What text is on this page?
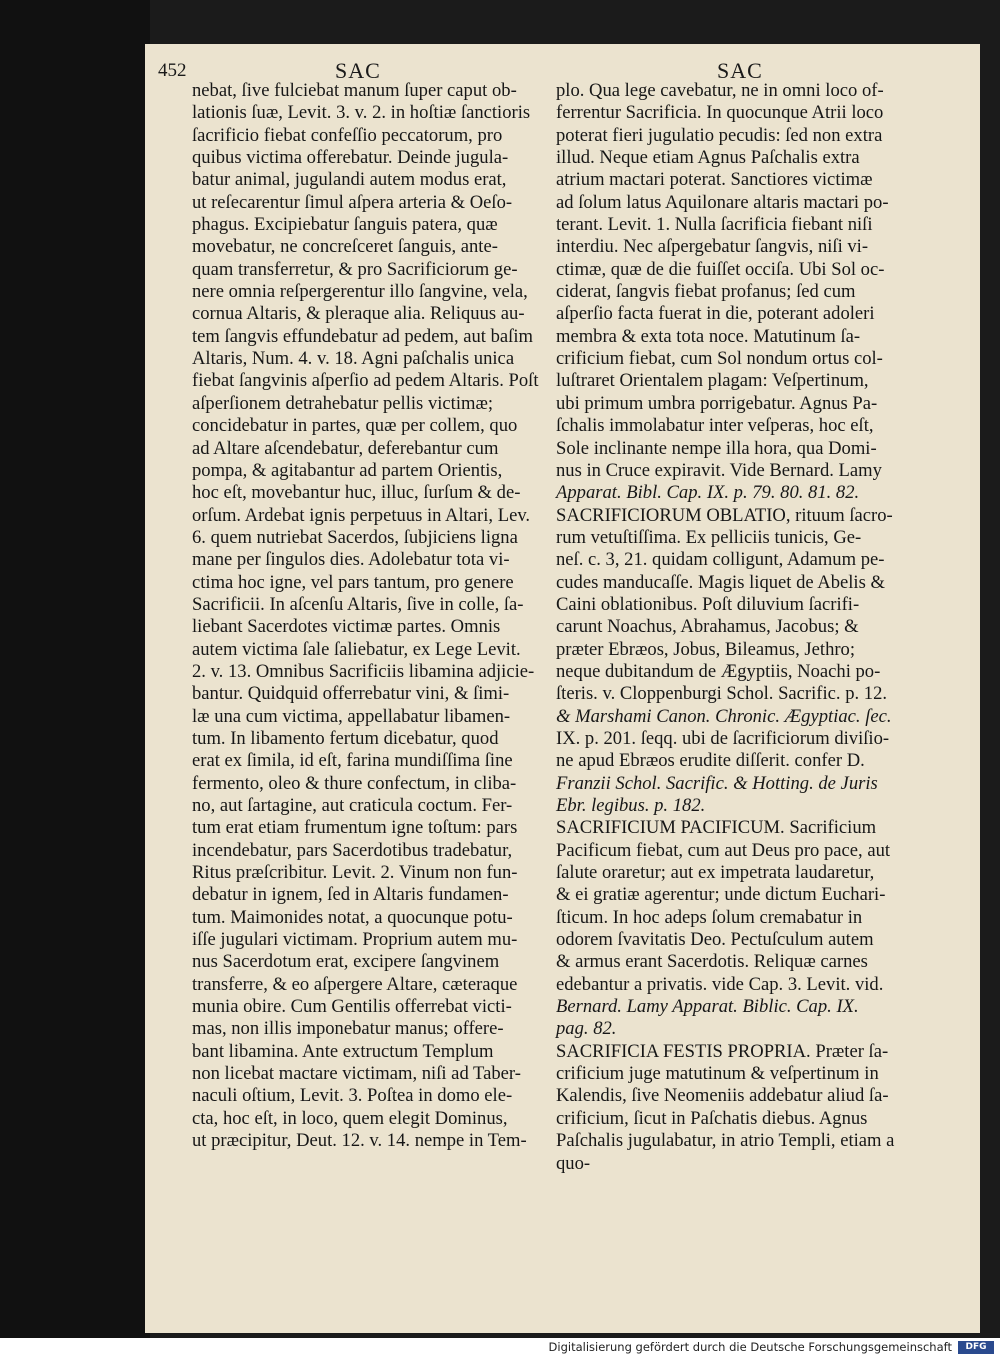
452	SAC	SAC
nebat, ſive fulciebat manum ſuper caput ob-
lationis ſuæ, Levit. 3. v. 2. in hoſtiæ ſanctioris
ſacrificio fiebat confeſſio peccatorum, pro
quibus victima offerebatur. Deinde jugula-
batur animal, jugulandi autem modus erat,
ut reſecarentur ſimul aſpera arteria & Oeſo-
phagus. Excipiebatur ſanguis patera, quæ
movebatur, ne concreſceret ſanguis, ante-
quam transferretur, & pro Sacrificiorum ge-
nere omnia reſpergerentur illo ſangvine, vela,
cornua Altaris, & pleraque alia. Reliquus au-
tem ſangvis effundebatur ad pedem, aut baſim
Altaris, Num. 4. v. 18. Agni paſchalis unica
fiebat ſangvinis aſperſio ad pedem Altaris. Poſt
aſperſionem detrahebatur pellis victimæ;
concidebatur in partes, quæ per collem, quo
ad Altare aſcendebatur, deferebantur cum
pompa, & agitabantur ad partem Orientis,
hoc eſt, movebantur huc, illuc, ſurſum & de-
orſum. Ardebat ignis perpetuus in Altari, Lev.
6. quem nutriebat Sacerdos, ſubjiciens ligna
mane per ſingulos dies. Adolebatur tota vi-
ctima hoc igne, vel pars tantum, pro genere
Sacrificii. In aſcenſu Altaris, ſive in colle, ſa-
liebant Sacerdotes victimæ partes. Omnis
autem victima ſale ſaliebatur, ex Lege Levit.
2. v. 13. Omnibus Sacrificiis libamina adjicie-
bantur. Quidquid offerrebatur vini, & ſimi-
læ una cum victima, appellabatur libamen-
tum. In libamento fertum dicebatur, quod
erat ex ſimila, id eſt, farina mundiſſima ſine
fermento, oleo & thure confectum, in cliba-
no, aut ſartagine, aut craticula coctum. Fer-
tum erat etiam frumentum igne toſtum: pars
incendebatur, pars Sacerdotibus tradebatur,
Ritus præſcribitur. Levit. 2. Vinum non fun-
debatur in ignem, ſed in Altaris fundamen-
tum. Maimonides notat, a quocunque potu-
iſſe jugulari victimam. Proprium autem mu-
nus Sacerdotum erat, excipere ſangvinem
transferre, & eo aſpergere Altare, cæteraque
munia obire. Cum Gentilis offerrebat victi-
mas, non illis imponebatur manus; offere-
bant libamina. Ante extructum Templum
non licebat mactare victimam, niſi ad Taber-
naculi oſtium, Levit. 3. Poſtea in domo ele-
cta, hoc eſt, in loco, quem elegit Dominus,
ut præcipitur, Deut. 12. v. 14. nempe in Tem-
plo. Qua lege cavebatur, ne in omni loco of-
ferrentur Sacrificia. In quocunque Atrii loco
poterat fieri jugulatio pecudis: ſed non extra
illud. Neque etiam Agnus Paſchalis extra
atrium mactari poterat. Sanctiores victimæ
ad ſolum latus Aquilonare altaris mactari po-
terant. Levit. 1. Nulla ſacrificia fiebant niſi
interdiu. Nec aſpergebatur ſangvis, niſi vi-
ctimæ, quæ de die fuiſſet occiſa. Ubi Sol oc-
ciderat, ſangvis fiebat profanus; ſed cum
aſperſio facta fuerat in die, poterant adoleri
membra & exta tota noce. Matutinum ſa-
crificium fiebat, cum Sol nondum ortus col-
luſtraret Orientalem plagam: Veſpertinum,
ubi primum umbra porrigebatur. Agnus Pa-
ſchalis immolabatur inter veſperas, hoc eſt,
Sole inclinante nempe illa hora, qua Domi-
nus in Cruce expiravit. Vide Bernard. Lamy
Apparat. Bibl. Cap. IX. p. 79. 80. 81. 82.
SACRIFICIORUM OBLATIO, rituum ſacro-
rum vetuſtiſſima. Ex pelliciis tunicis, Ge-
neſ. c. 3, 21. quidam colligunt, Adamum pe-
cudes manducaſſe. Magis liquet de Abelis &
Caini oblationibus. Poſt diluvium ſacrifi-
carunt Noachus, Abrahamus, Jacobus; &
præter Ebræos, Jobus, Bileamus, Jethro;
neque dubitandum de Ægyptiis, Noachi po-
ſteris. v. Cloppenburgi Schol. Sacrific. p. 12.
& Marshami Canon. Chronic. Ægyptiac. ſec.
IX. p. 201. ſeqq. ubi de ſacrificiorum diviſio-
ne apud Ebræos erudite diſſerit. confer D.
Franzii Schol. Sacrific. & Hotting. de Juris
Ebr. legibus. p. 182.
SACRIFICIUM PACIFICUM. Sacrificium
Pacificum fiebat, cum aut Deus pro pace, aut
ſalute oraretur; aut ex impetrata laudaretur,
& ei gratiæ agerentur; unde dictum Euchari-
ſticum. In hoc adeps ſolum cremabatur in
odorem ſvavitatis Deo. Pectuſculum autem
& armus erant Sacerdotis. Reliquæ carnes
edebantur a privatis. vide Cap. 3. Levit. vid.
Bernard. Lamy Apparat. Biblic. Cap. IX.
pag. 82.
SACRIFICIA FESTIS PROPRIA. Præter ſa-
crificium juge matutinum & veſpertinum in
Kalendis, ſive Neomeniis addebatur aliud ſa-
crificium, ſicut in Paſchatis diebus. Agnus
Paſchalis jugulabatur, in atrio Templi, etiam a
quo-
Digitalisierung gefördert durch die Deutsche Forschungsgemeinschaft	DFG
